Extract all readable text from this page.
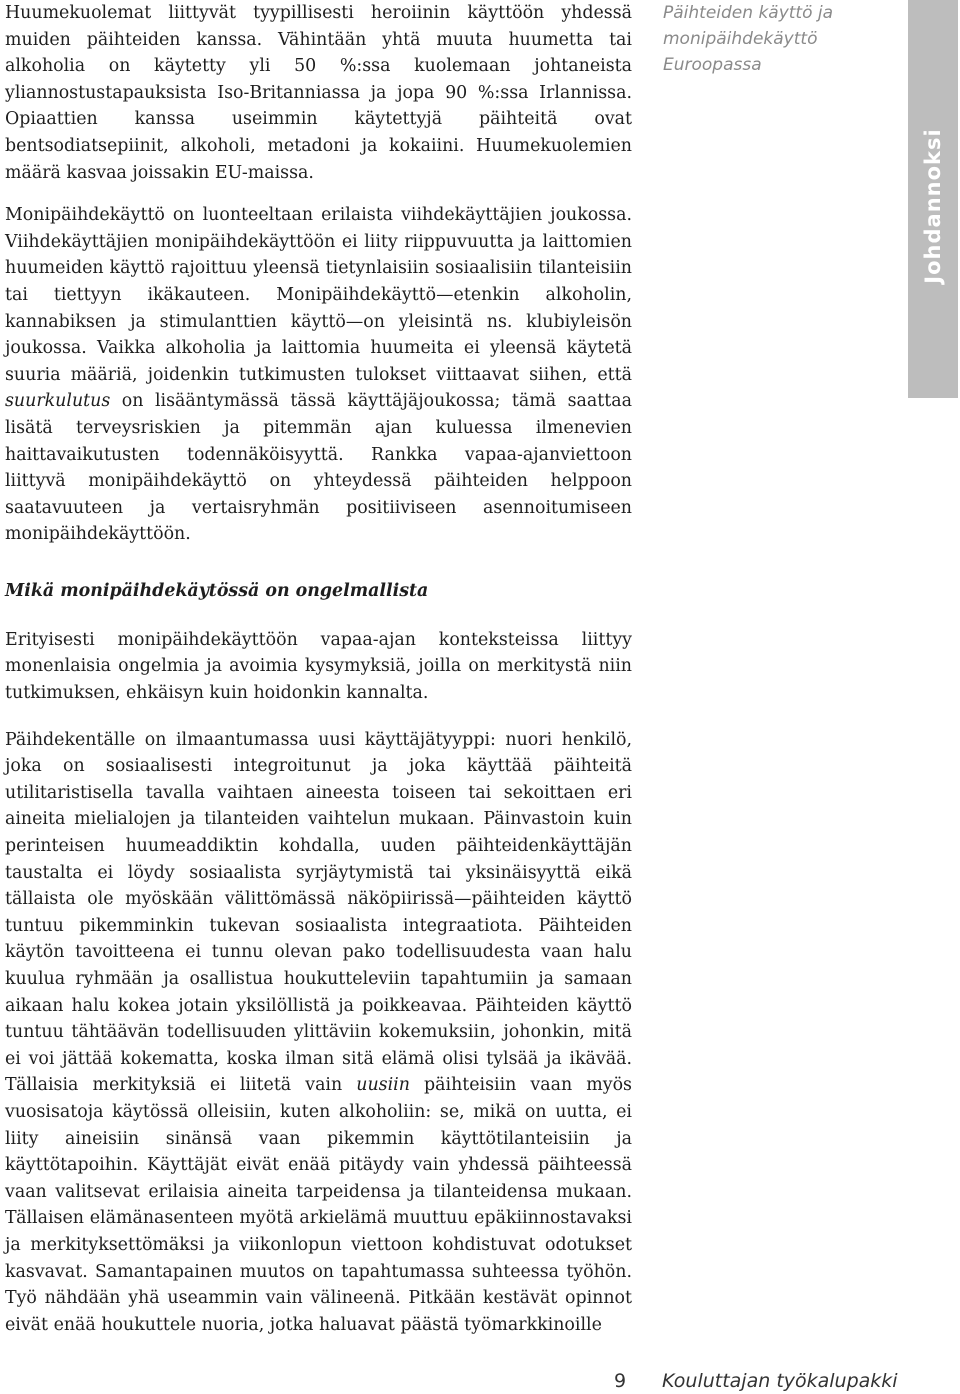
Huumekuolemat liittyvät tyypillisesti heroiinin käyttöön yhdessä muiden päihteiden kanssa. Vähintään yhtä muuta huumetta tai alkoholia on käytetty yli 50 %:ssa kuolemaan johtaneista yliannostustapauksista Iso-Britanniassa ja jopa 90 %:ssa Irlannissa. Opiaattien kanssa useimmin käytettyjä päihteitä ovat bentsodiatsepiinit, alkoholi, metadoni ja kokaiini. Huumekuolemien määrä kasvaa joissakin EU-maissa.

Monipäihdekäyttö on luonteeltaan erilaista viihdekäyttäjien joukossa. Viihdekäyttäjien monipäihdekäyttöön ei liity riippuvuutta ja laittomien huumeiden käyttö rajoittuu yleensä tietynlaisiin sosiaalisiin tilanteisiin tai tiettyyn ikäkauteen. Monipäihdekäyttö—etenkin alkoholin, kannabiksen ja stimulanttien käyttö—on yleisintä ns. klubiyleisön joukossa. Vaikka alkoholia ja laittomia huumeita ei yleensä käytetä suuria määriä, joidenkin tutkimusten tulokset viittaavat siihen, että suurkulutus on lisääntymässä tässä käyttäjäjoukossa; tämä saattaa lisätä terveysriskien ja pitemmän ajan kuluessa ilmenevien haittavaikutusten todennäköisyyttä. Rankka vapaa-ajanviettoon liittyvä monipäihdekäyttö on yhteydessä päihteiden helppoon saatavuuteen ja vertaisryhmän positiiviseen asennoitumiseen monipäihdekäyttöön.

Mikä monipäihdekäytössä on ongelmallista

Erityisesti monipäihdekäyttöön vapaa-ajan konteksteissa liittyy monenlaisia ongelmia ja avoimia kysymyksiä, joilla on merkitystä niin tutkimuksen, ehkäisyn kuin hoidonkin kannalta.

Päihdekentälle on ilmaantumassa uusi käyttäjätyyppi: nuori henkilö, joka on sosiaalisesti integroitunut ja joka käyttää päihteitä utilitaristisella tavalla vaihtaen aineesta toiseen tai sekoittaen eri aineita mielialojen ja tilanteiden vaihtelun mukaan. Päinvastoin kuin perinteisen huumeaddiktin kohdalla, uuden päihteidenkäyttäjän taustalta ei löydy sosiaalista syrjäytymistä tai yksinäisyyttä eikä tällaista ole myöskään välittömässä näköpiirissä—päihteiden käyttö tuntuu pikemminkin tukevan sosiaalista integraatiota. Päihteiden käytön tavoitteena ei tunnu olevan pako todellisuudesta vaan halu kuulua ryhmään ja osallistua houkutteleviin tapahtumiin ja samaan aikaan halu kokea jotain yksilöllistä ja poikkeavaa. Päihteiden käyttö tuntuu tähtäävän todellisuuden ylittäviin kokemuksiin, johonkin, mitä ei voi jättää kokematta, koska ilman sitä elämä olisi tylsää ja ikävää. Tällaisia merkityksiä ei liitetä vain uusiin päihteisiin vaan myös vuosisatoja käytössä olleisiin, kuten alkoholiin: se, mikä on uutta, ei liity aineisiin sinänsä vaan pikemmin käyttötilanteisiin ja käyttötapoihin. Käyttäjät eivät enää pitäydy vain yhdessä päihteessä vaan valitsevat erilaisia aineita tarpeidensa ja tilanteidensa mukaan. Tällaisen elämänasenteen myötä arkielämä muuttuu epäkiinnostavaksi ja merkityksettömäksi ja viikonlopun viettoon kohdistuvat odotukset kasvavat. Samantapainen muutos on tapahtumassa suhteessa työhön. Työ nähdään yhä useammin vain välineenä. Pitkään kestävät opinnot eivät enää houkuttele nuoria, jotka haluavat päästä työmarkkinoille

Päihteiden käyttö ja
monipäihdekäyttö
Euroopassa
Johdannoksi
9 Kouluttajan työkalupakki
